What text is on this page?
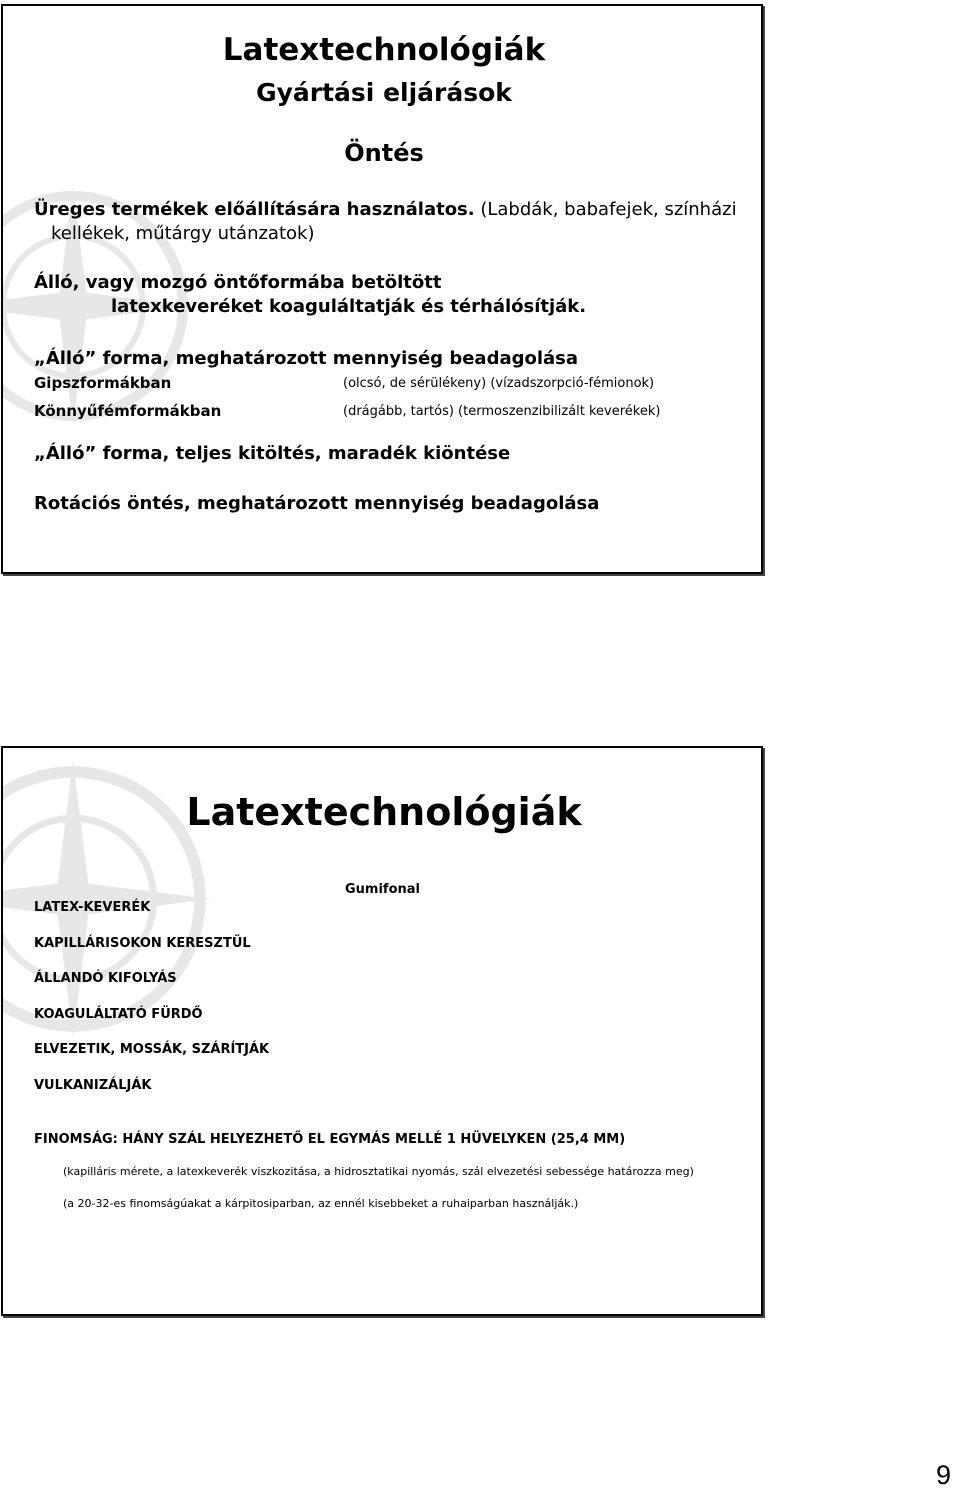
Latextechnológiák
Gyártási eljárások
Öntés
Üreges termékek előállítására használatos. (Labdák, babafejek, színházi
kellékek, műtárgy utánzatok)
Álló, vagy mozgó öntőformába betöltött
latexkeveréket koaguláltatják és térhálósítják.
„Álló” forma, meghatározott mennyiség beadagolása
Gipszformákban	(olcsó, de sérülékeny) (vízadszorpció-fémionok)
Könnyűfémformákban	(drágább, tartós) (termoszenzibilizált keverékek)
„Álló” forma, teljes kitöltés, maradék kiöntése
Rotációs öntés, meghatározott mennyiség beadagolása
Latextechnológiák
Gumifonal
LATEX-KEVERÉK
KAPILLÁRISOKON KERESZTÜL
ÁLLANDÓ KIFOLYÁS
KOAGULÁLTATÓ FÜRDŐ
ELVEZETIK, MOSSÁK, SZÁRÍTJÁK
VULKANIZÁLJÁK
FINOMSÁG: HÁNY SZÁL HELYEZHETŐ EL EGYMÁS MELLÉ 1 HÜVELYKEN (25,4 MM)
(kapilláris mérete, a latexkeverék viszkozitása, a hidrosztatikai nyomás, szál elvezetési sebessége határozza meg)
(a 20-32-es finomságúakat a kárpitosiparban, az ennél kisebbeket a ruhaiparban használják.)
9
